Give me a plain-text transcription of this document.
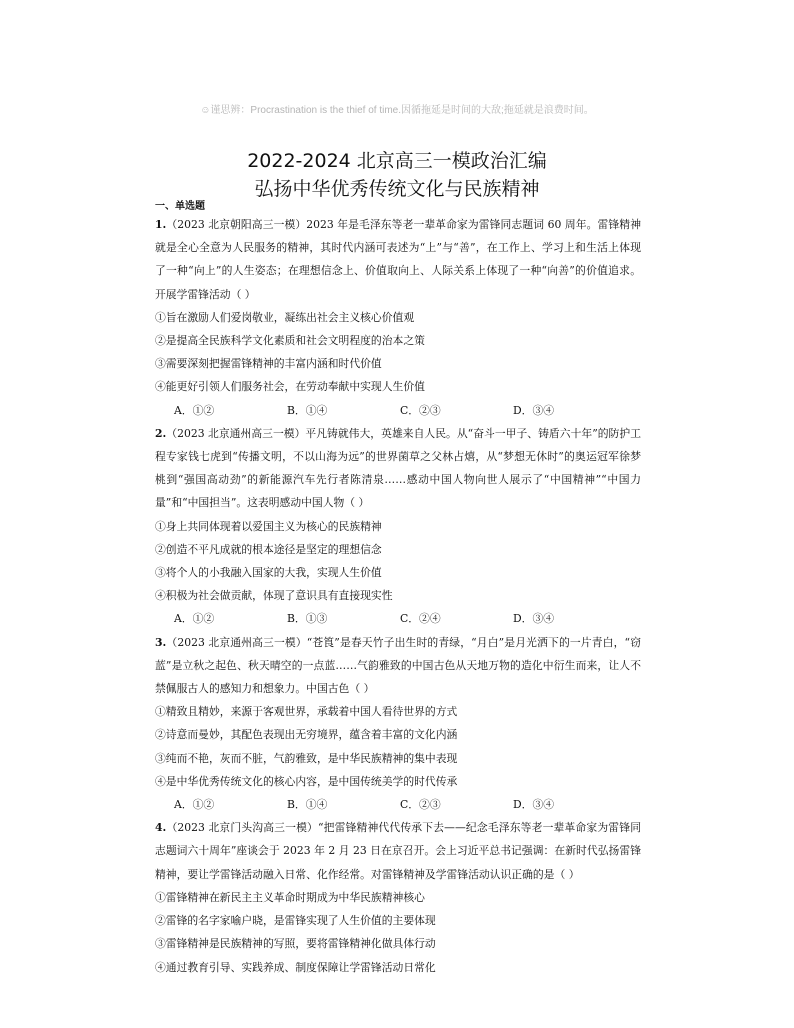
☺谨思辨：Procrastination is the thief of time.因循拖延是时间的大敌;拖延就是浪费时间。
2022-2024 北京高三一模政治汇编
弘扬中华优秀传统文化与民族精神

一、单选题

1.（2023 北京朝阳高三一模）2023 年是毛泽东等老一辈革命家为雷锋同志题词 60 周年。雷锋精神就是全心全意为人民服务的精神，其时代内涵可表述为“上”与“善”，在工作上、学习上和生活上体现了一种“向上”的人生姿态；在理想信念上、价值取向上、人际关系上体现了一种“向善”的价值追求。开展学雷锋活动（ ）

①旨在激励人们爱岗敬业，凝练出社会主义核心价值观

②是提高全民族科学文化素质和社会文明程度的治本之策

③需要深刻把握雷锋精神的丰富内涵和时代价值

④能更好引领人们服务社会，在劳动奉献中实现人生价值

A．①②	B．①④	C．②③	D．③④

2.（2023 北京通州高三一模）平凡铸就伟大，英雄来自人民。从“奋斗一甲子、铸盾六十年”的防护工程专家钱七虎到“传播文明，不以山海为远”的世界菌草之父林占熺，从“梦想无休时”的奥运冠军徐梦桃到“强国高动劲”的新能源汽车先行者陈清泉……感动中国人物向世人展示了“中国精神”“中国力量”和“中国担当”。这表明感动中国人物（ ）

①身上共同体现着以爱国主义为核心的民族精神

②创造不平凡成就的根本途径是坚定的理想信念

③将个人的小我融入国家的大我，实现人生价值

④积极为社会做贡献，体现了意识具有直接现实性

A．①②	B．①③	C．②④	D．③④

3.（2023 北京通州高三一模）“苍筤”是春天竹子出生时的青绿，“月白”是月光洒下的一片青白，“窃蓝”是立秋之起色、秋天晴空的一点蓝……气韵雅致的中国古色从天地万物的造化中衍生而来，让人不禁佩服古人的感知力和想象力。中国古色（ ）

①精致且精妙，来源于客观世界，承载着中国人看待世界的方式

②诗意而曼妙，其配色表现出无穷境界，蕴含着丰富的文化内涵

③纯而不艳，灰而不脏，气韵雅致，是中华民族精神的集中表现

④是中华优秀传统文化的核心内容，是中国传统美学的时代传承

A．①②	B．①④	C．②③	D．③④

4.（2023 北京门头沟高三一模）“把雷锋精神代代传承下去——纪念毛泽东等老一辈革命家为雷锋同志题词六十周年”座谈会于 2023 年 2 月 23 日在京召开。会上习近平总书记强调：在新时代弘扬雷锋精神，要让学雷锋活动融入日常、化作经常。对雷锋精神及学雷锋活动认识正确的是（ ）

①雷锋精神在新民主主义革命时期成为中华民族精神核心

②雷锋的名字家喻户晓，是雷锋实现了人生价值的主要体现

③雷锋精神是民族精神的写照，要将雷锋精神化做具体行动

④通过教育引导、实践养成、制度保障让学雷锋活动日常化
